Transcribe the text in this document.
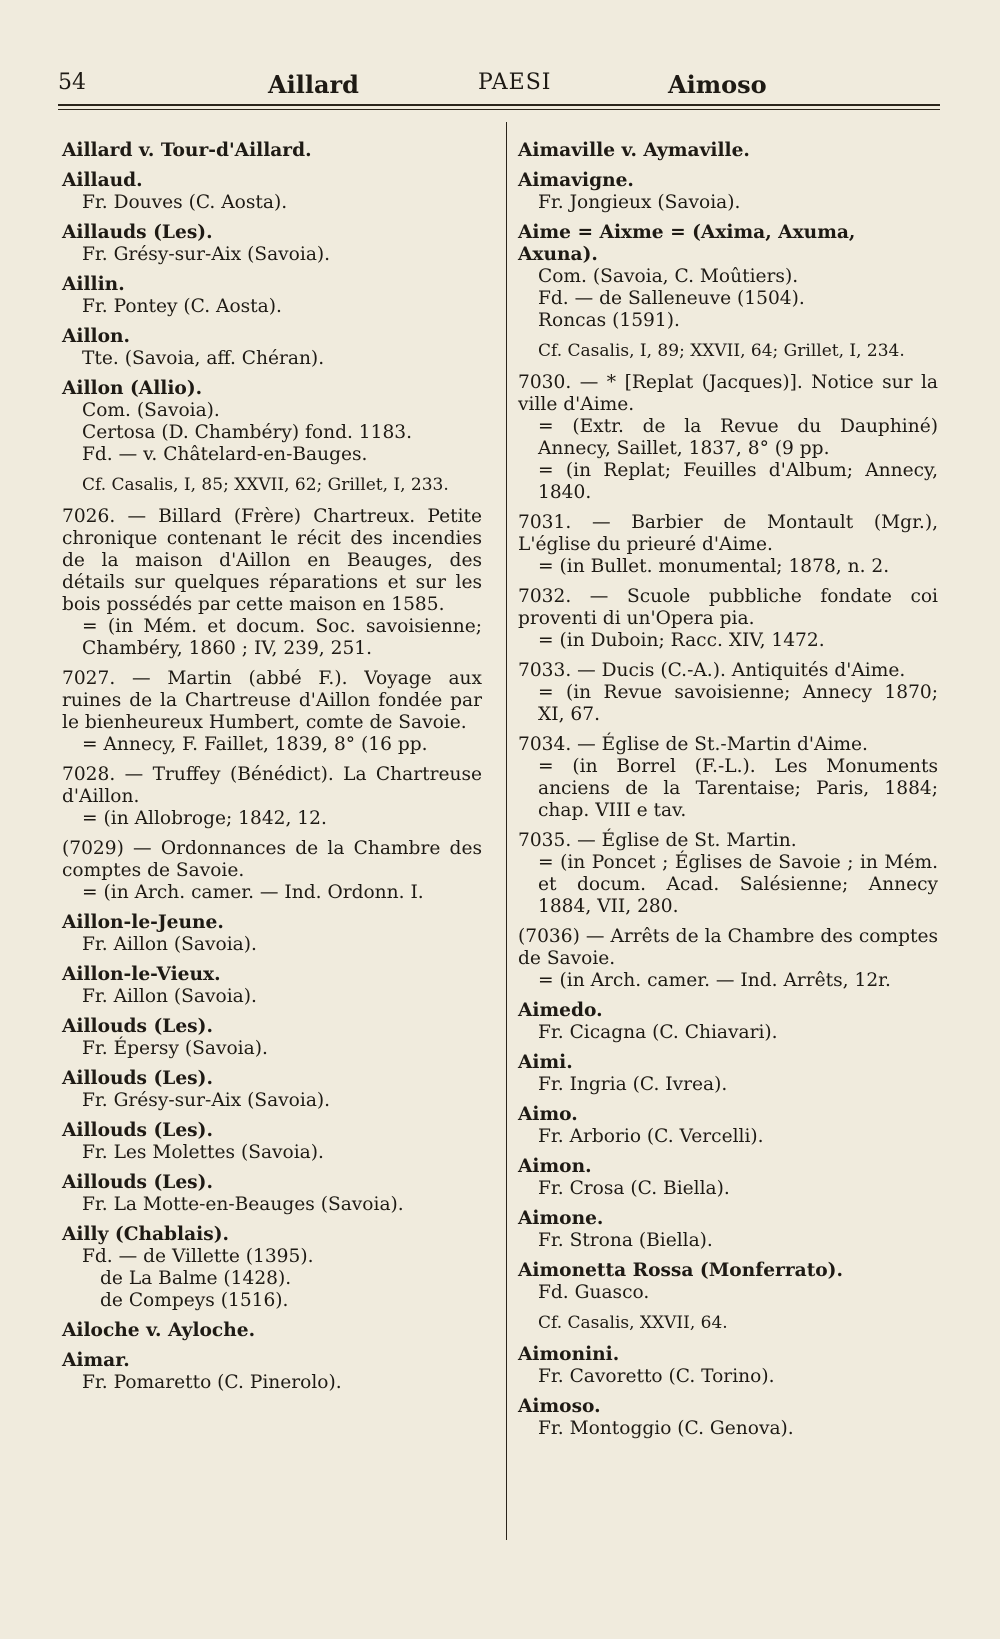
54	Aillard	PAESI	Aimoso
Aillard v. Tour-d'Aillard.
Aillaud.
Fr. Douves (C. Aosta).
Aillauds (Les).
Fr. Grésy-sur-Aix (Savoia).
Aillin.
Fr. Pontey (C. Aosta).
Aillon.
Tte. (Savoia, aff. Chéran).
Aillon (Allio).
Com. (Savoia).
Certosa (D. Chambéry) fond. 1183.
Fd. — v. Châtelard-en-Bauges.
Cf. Casalis, I, 85; XXVII, 62; Grillet, I, 233.
7026. — Billard (Frère) Chartreux. Petite chronique contenant le récit des incendies de la maison d'Aillon en Beauges, des détails sur quelques réparations et sur les bois possédés par cette maison en 1585.
= (in Mém. et docum. Soc. savoisienne; Chambéry, 1860 ; IV, 239, 251.
7027. — Martin (abbé F.). Voyage aux ruines de la Chartreuse d'Aillon fondée par le bienheureux Humbert, comte de Savoie.
= Annecy, F. Faillet, 1839, 8° (16 pp.
7028. — Truffey (Bénédict). La Chartreuse d'Aillon.
= (in Allobroge; 1842, 12.
(7029) — Ordonnances de la Chambre des comptes de Savoie.
= (in Arch. camer. — Ind. Ordonn. I.
Aillon-le-Jeune.
Fr. Aillon (Savoia).
Aillon-le-Vieux.
Fr. Aillon (Savoia).
Aillouds (Les).
Fr. Épersy (Savoia).
Aillouds (Les).
Fr. Grésy-sur-Aix (Savoia).
Aillouds (Les).
Fr. Les Molettes (Savoia).
Aillouds (Les).
Fr. La Motte-en-Beauges (Savoia).
Ailly (Chablais).
Fd. — de Villette (1395).
de La Balme (1428).
de Compeys (1516).
Ailoche v. Ayloche.
Aimar.
Fr. Pomaretto (C. Pinerolo).
Aimaville v. Aymaville.
Aimavigne.
Fr. Jongieux (Savoia).
Aime = Aixme = (Axima, Axuma, Axuna).
Com. (Savoia, C. Moûtiers).
Fd. — de Salleneuve (1504).
Roncas (1591).
Cf. Casalis, I, 89; XXVII, 64; Grillet, I, 234.
7030. — * [Replat (Jacques)]. Notice sur la ville d'Aime.
= (Extr. de la Revue du Dauphiné) Annecy, Saillet, 1837, 8° (9 pp.
= (in Replat; Feuilles d'Album; Annecy, 1840.
7031. — Barbier de Montault (Mgr.), L'église du prieuré d'Aime.
= (in Bullet. monumental; 1878, n. 2.
7032. — Scuole pubbliche fondate coi proventi di un'Opera pia.
= (in Duboin; Racc. XIV, 1472.
7033. — Ducis (C.-A.). Antiquités d'Aime.
= (in Revue savoisienne; Annecy 1870; XI, 67.
7034. — Église de St.-Martin d'Aime.
= (in Borrel (F.-L.). Les Monuments anciens de la Tarentaise; Paris, 1884; chap. VIII e tav.
7035. — Église de St. Martin.
= (in Poncet ; Églises de Savoie ; in Mém. et docum. Acad. Salésienne; Annecy 1884, VII, 280.
(7036) — Arrêts de la Chambre des comptes de Savoie.
= (in Arch. camer. — Ind. Arrêts, 12r.
Aimedo.
Fr. Cicagna (C. Chiavari).
Aimi.
Fr. Ingria (C. Ivrea).
Aimo.
Fr. Arborio (C. Vercelli).
Aimon.
Fr. Crosa (C. Biella).
Aimone.
Fr. Strona (Biella).
Aimonetta Rossa (Monferrato).
Fd. Guasco.
Cf. Casalis, XXVII, 64.
Aimonini.
Fr. Cavoretto (C. Torino).
Aimoso.
Fr. Montoggio (C. Genova).
